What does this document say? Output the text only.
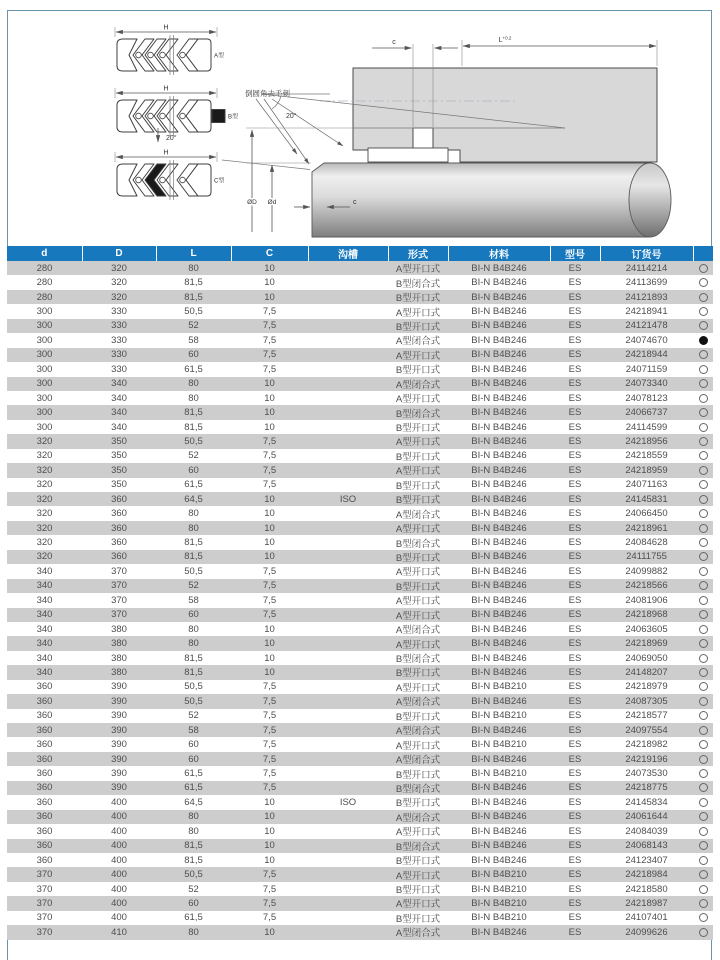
H
A型
H
B型
H
C型
c	$L^{+0.2}$
倒圆角去毛刺
20°
20°
ØD Ød	c
d	D	L	C	沟槽	形式	材料	型号	订货号	
280	320	80	10		A型开口式	BI-N B4B246	ES	24114214	
280	320	81,5	10		B型闭合式	BI-N B4B246	ES	24113699	
280	320	81,5	10		B型开口式	BI-N B4B246	ES	24121893	
300	330	50,5	7,5		A型开口式	BI-N B4B246	ES	24218941	
300	330	52	7,5		B型开口式	BI-N B4B246	ES	24121478	
300	330	58	7,5		A型闭合式	BI-N B4B246	ES	24074670	
300	330	60	7,5		A型开口式	BI-N B4B246	ES	24218944	
300	330	61,5	7,5		B型开口式	BI-N B4B246	ES	24071159	
300	340	80	10		A型闭合式	BI-N B4B246	ES	24073340	
300	340	80	10		A型开口式	BI-N B4B246	ES	24078123	
300	340	81,5	10		B型闭合式	BI-N B4B246	ES	24066737	
300	340	81,5	10		B型开口式	BI-N B4B246	ES	24114599	
320	350	50,5	7,5		A型开口式	BI-N B4B246	ES	24218956	
320	350	52	7,5		B型开口式	BI-N B4B246	ES	24218559	
320	350	60	7,5		A型开口式	BI-N B4B246	ES	24218959	
320	350	61,5	7,5		B型开口式	BI-N B4B246	ES	24071163	
320	360	64,5	10	ISO	B型开口式	BI-N B4B246	ES	24145831	
320	360	80	10		A型闭合式	BI-N B4B246	ES	24066450	
320	360	80	10		A型开口式	BI-N B4B246	ES	24218961	
320	360	81,5	10		B型闭合式	BI-N B4B246	ES	24084628	
320	360	81,5	10		B型开口式	BI-N B4B246	ES	24111755	
340	370	50,5	7,5		A型开口式	BI-N B4B246	ES	24099882	
340	370	52	7,5		B型开口式	BI-N B4B246	ES	24218566	
340	370	58	7,5		A型开口式	BI-N B4B246	ES	24081906	
340	370	60	7,5		A型开口式	BI-N B4B246	ES	24218968	
340	380	80	10		A型闭合式	BI-N B4B246	ES	24063605	
340	380	80	10		A型开口式	BI-N B4B246	ES	24218969	
340	380	81,5	10		B型闭合式	BI-N B4B246	ES	24069050	
340	380	81,5	10		B型开口式	BI-N B4B246	ES	24148207	
360	390	50,5	7,5		A型开口式	BI-N B4B210	ES	24218979	
360	390	50,5	7,5		A型闭合式	BI-N B4B246	ES	24087305	
360	390	52	7,5		B型开口式	BI-N B4B210	ES	24218577	
360	390	58	7,5		A型闭合式	BI-N B4B246	ES	24097554	
360	390	60	7,5		A型开口式	BI-N B4B210	ES	24218982	
360	390	60	7,5		A型闭合式	BI-N B4B246	ES	24219196	
360	390	61,5	7,5		B型开口式	BI-N B4B210	ES	24073530	
360	390	61,5	7,5		B型闭合式	BI-N B4B246	ES	24218775	
360	400	64,5	10	ISO	B型开口式	BI-N B4B246	ES	24145834	
360	400	80	10		A型闭合式	BI-N B4B246	ES	24061644	
360	400	80	10		A型开口式	BI-N B4B246	ES	24084039	
360	400	81,5	10		B型闭合式	BI-N B4B246	ES	24068143	
360	400	81,5	10		B型开口式	BI-N B4B246	ES	24123407	
370	400	50,5	7,5		A型开口式	BI-N B4B210	ES	24218984	
370	400	52	7,5		B型开口式	BI-N B4B210	ES	24218580	
370	400	60	7,5		A型开口式	BI-N B4B210	ES	24218987	
370	400	61,5	7,5		B型开口式	BI-N B4B210	ES	24107401	
370	410	80	10		A型闭合式	BI-N B4B246	ES	24099626	
